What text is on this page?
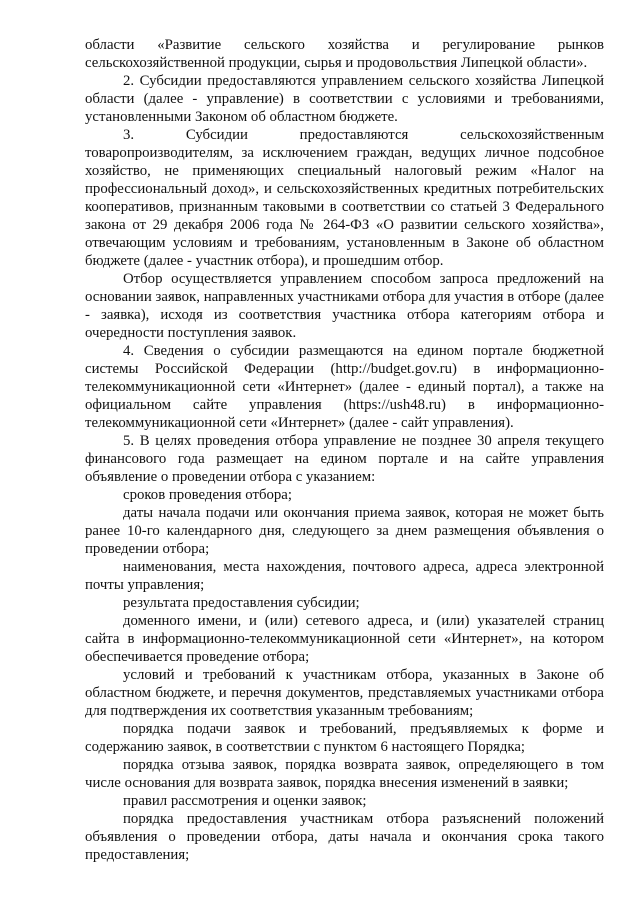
области «Развитие сельского хозяйства и регулирование рынков сельскохозяйственной продукции, сырья и продовольствия Липецкой области».

2. Субсидии предоставляются управлением сельского хозяйства Липецкой области (далее - управление) в соответствии с условиями и требованиями, установленными Законом об областном бюджете.

3. Субсидии предоставляются сельскохозяйственным товаропроизводителям, за исключением граждан, ведущих личное подсобное хозяйство, не применяющих специальный налоговый режим «Налог на профессиональный доход», и сельскохозяйственных кредитных потребительских кооперативов, признанным таковыми в соответствии со статьей 3 Федерального закона от 29 декабря 2006 года № 264-ФЗ «О развитии сельского хозяйства», отвечающим условиям и требованиям, установленным в Законе об областном бюджете (далее - участник отбора), и прошедшим отбор.

Отбор осуществляется управлением способом запроса предложений на основании заявок, направленных участниками отбора для участия в отборе (далее - заявка), исходя из соответствия участника отбора категориям отбора и очередности поступления заявок.

4. Сведения о субсидии размещаются на едином портале бюджетной системы Российской Федерации (http://budget.gov.ru) в информационно-телекоммуникационной сети «Интернет» (далее - единый портал), а также на официальном сайте управления (https://ush48.ru) в информационно-телекоммуникационной сети «Интернет» (далее - сайт управления).

5. В целях проведения отбора управление не позднее 30 апреля текущего финансового года размещает на едином портале и на сайте управления объявление о проведении отбора с указанием:

сроков проведения отбора;

даты начала подачи или окончания приема заявок, которая не может быть ранее 10-го календарного дня, следующего за днем размещения объявления о проведении отбора;

наименования, места нахождения, почтового адреса, адреса электронной почты управления;

результата предоставления субсидии;

доменного имени, и (или) сетевого адреса, и (или) указателей страниц сайта в информационно-телекоммуникационной сети «Интернет», на котором обеспечивается проведение отбора;

условий и требований к участникам отбора, указанных в Законе об областном бюджете, и перечня документов, представляемых участниками отбора для подтверждения их соответствия указанным требованиям;

порядка подачи заявок и требований, предъявляемых к форме и содержанию заявок, в соответствии с пунктом 6 настоящего Порядка;

порядка отзыва заявок, порядка возврата заявок, определяющего в том числе основания для возврата заявок, порядка внесения изменений в заявки;

правил рассмотрения и оценки заявок;

порядка предоставления участникам отбора разъяснений положений объявления о проведении отбора, даты начала и окончания срока такого предоставления;
